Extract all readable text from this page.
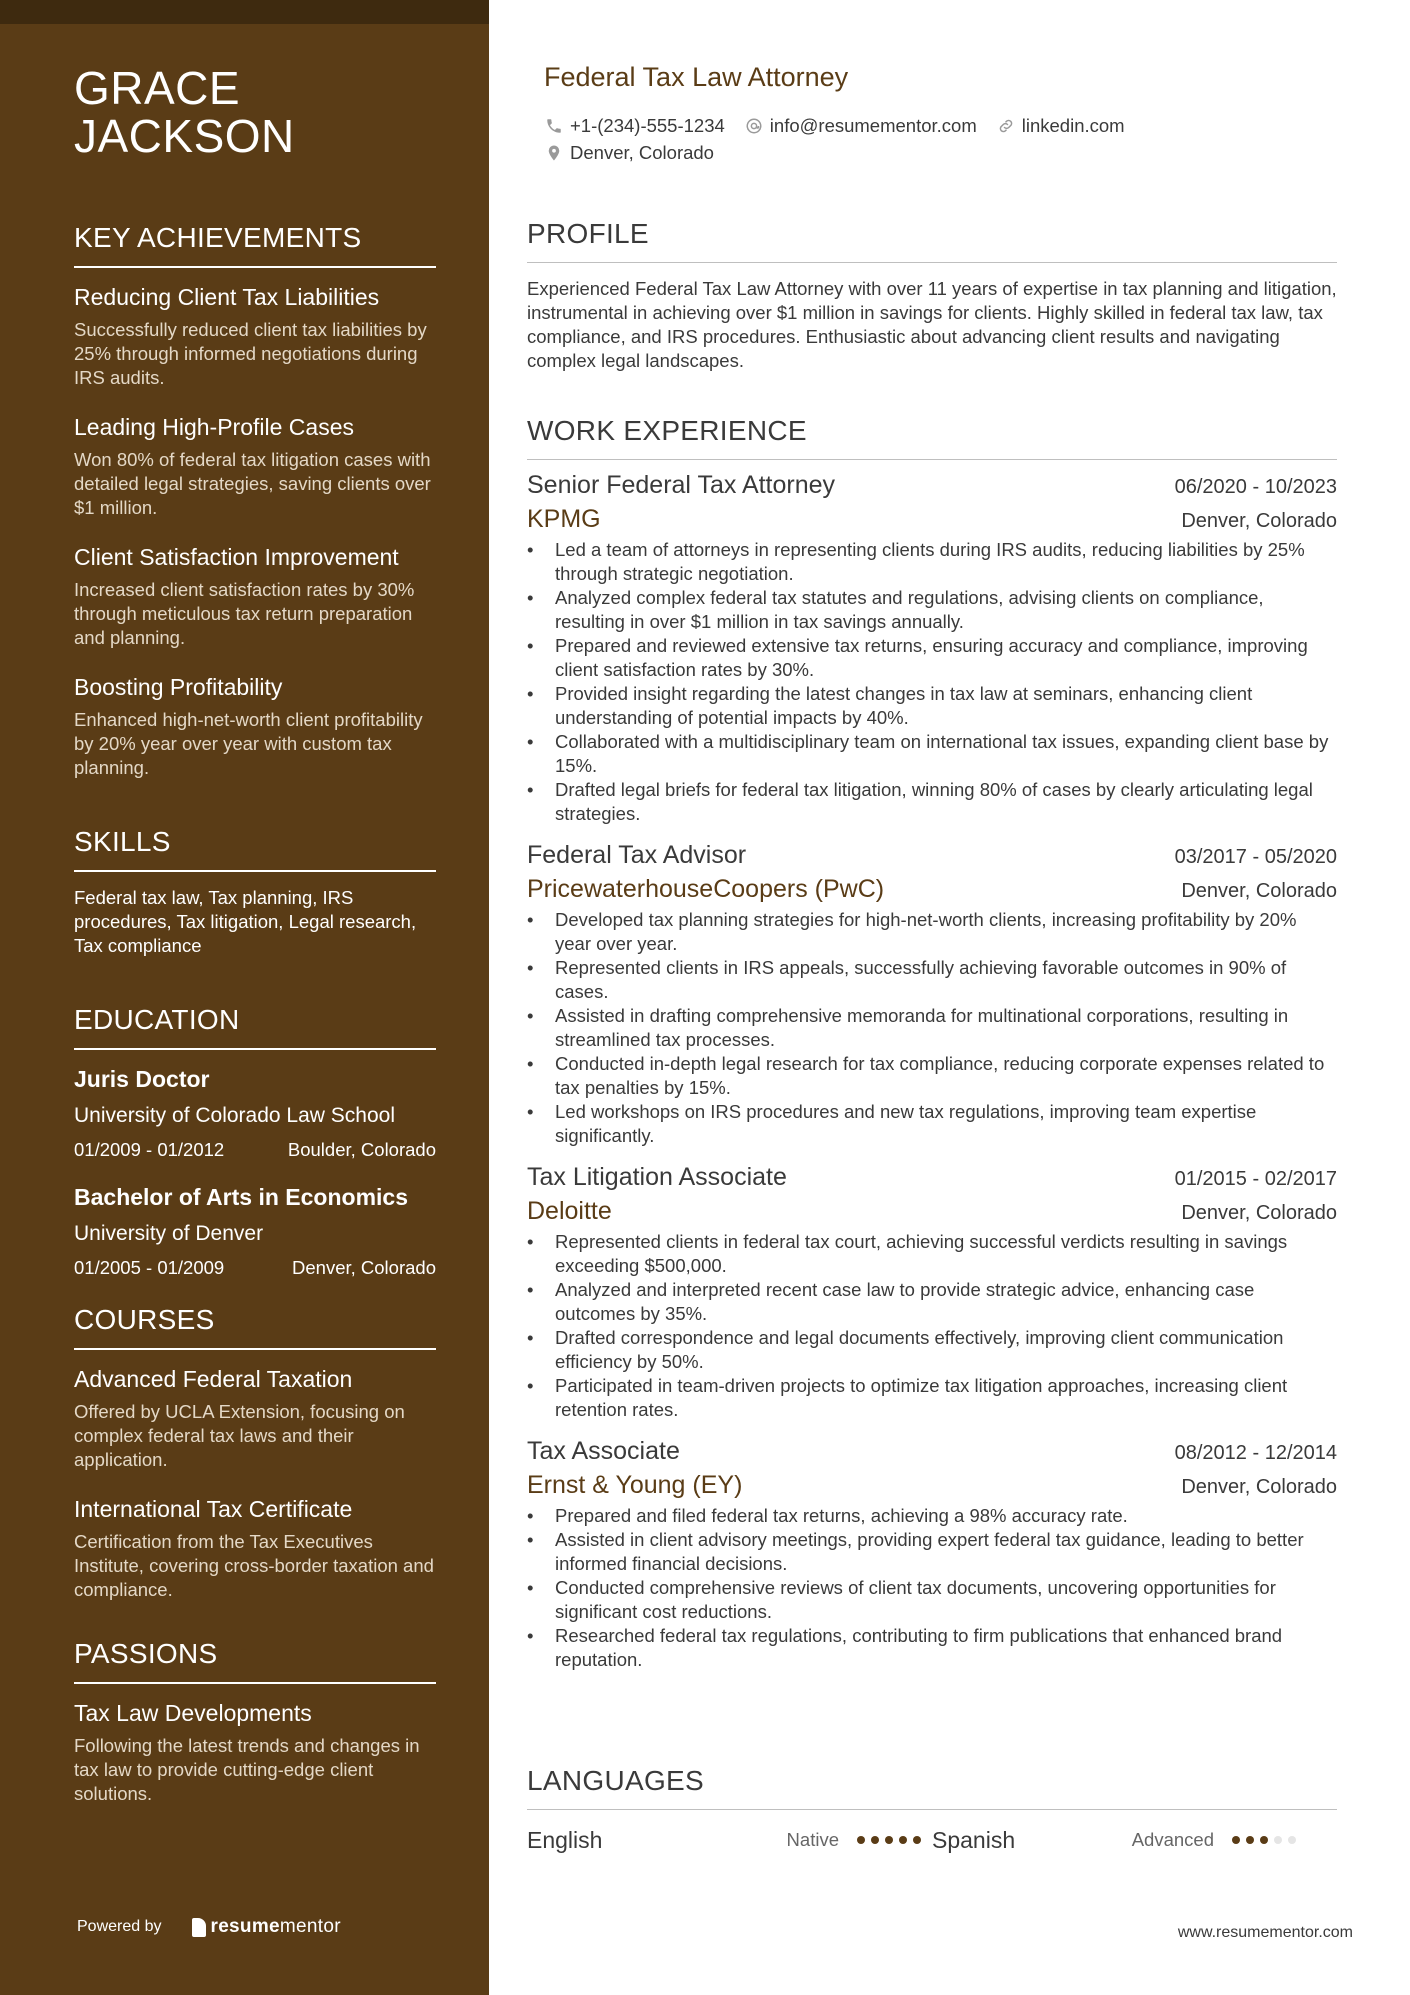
GRACE
JACKSON
KEY ACHIEVEMENTS
Reducing Client Tax Liabilities
Successfully reduced client tax liabilities by 25% through informed negotiations during IRS audits.
Leading High-Profile Cases
Won 80% of federal tax litigation cases with detailed legal strategies, saving clients over $1 million.
Client Satisfaction Improvement
Increased client satisfaction rates by 30% through meticulous tax return preparation and planning.
Boosting Profitability
Enhanced high-net-worth client profitability by 20% year over year with custom tax planning.
SKILLS
Federal tax law, Tax planning, IRS procedures, Tax litigation, Legal research, Tax compliance
EDUCATION
Juris Doctor
University of Colorado Law School
01/2009 - 01/2012	Boulder, Colorado
Bachelor of Arts in Economics
University of Denver
01/2005 - 01/2009	Denver, Colorado
COURSES
Advanced Federal Taxation
Offered by UCLA Extension, focusing on complex federal tax laws and their application.
International Tax Certificate
Certification from the Tax Executives Institute, covering cross-border taxation and compliance.
PASSIONS
Tax Law Developments
Following the latest trends and changes in tax law to provide cutting-edge client solutions.
Powered by	resume mentor
Federal Tax Law Attorney
+1-(234)-555-1234 info@resumementor.com linkedin.com
Denver, Colorado
PROFILE
Experienced Federal Tax Law Attorney with over 11 years of expertise in tax planning and litigation, instrumental in achieving over $1 million in savings for clients. Highly skilled in federal tax law, tax compliance, and IRS procedures. Enthusiastic about advancing client results and navigating complex legal landscapes.
WORK EXPERIENCE
Senior Federal Tax Attorney	06/2020 - 10/2023
KPMG	Denver, Colorado
• Led a team of attorneys in representing clients during IRS audits, reducing liabilities by 25% through strategic negotiation.
• Analyzed complex federal tax statutes and regulations, advising clients on compliance, resulting in over $1 million in tax savings annually.
• Prepared and reviewed extensive tax returns, ensuring accuracy and compliance, improving client satisfaction rates by 30%.
• Provided insight regarding the latest changes in tax law at seminars, enhancing client understanding of potential impacts by 40%.
• Collaborated with a multidisciplinary team on international tax issues, expanding client base by 15%.
• Drafted legal briefs for federal tax litigation, winning 80% of cases by clearly articulating legal strategies.
Federal Tax Advisor	03/2017 - 05/2020
PricewaterhouseCoopers (PwC)	Denver, Colorado
• Developed tax planning strategies for high-net-worth clients, increasing profitability by 20% year over year.
• Represented clients in IRS appeals, successfully achieving favorable outcomes in 90% of cases.
• Assisted in drafting comprehensive memoranda for multinational corporations, resulting in streamlined tax processes.
• Conducted in-depth legal research for tax compliance, reducing corporate expenses related to tax penalties by 15%.
• Led workshops on IRS procedures and new tax regulations, improving team expertise significantly.
Tax Litigation Associate	01/2015 - 02/2017
Deloitte	Denver, Colorado
• Represented clients in federal tax court, achieving successful verdicts resulting in savings exceeding $500,000.
• Analyzed and interpreted recent case law to provide strategic advice, enhancing case outcomes by 35%.
• Drafted correspondence and legal documents effectively, improving client communication efficiency by 50%.
• Participated in team-driven projects to optimize tax litigation approaches, increasing client retention rates.
Tax Associate	08/2012 - 12/2014
Ernst & Young (EY)	Denver, Colorado
• Prepared and filed federal tax returns, achieving a 98% accuracy rate.
• Assisted in client advisory meetings, providing expert federal tax guidance, leading to better informed financial decisions.
• Conducted comprehensive reviews of client tax documents, uncovering opportunities for significant cost reductions.
• Researched federal tax regulations, contributing to firm publications that enhanced brand reputation.
LANGUAGES
English	Native	Spanish	Advanced
www.resumementor.com
